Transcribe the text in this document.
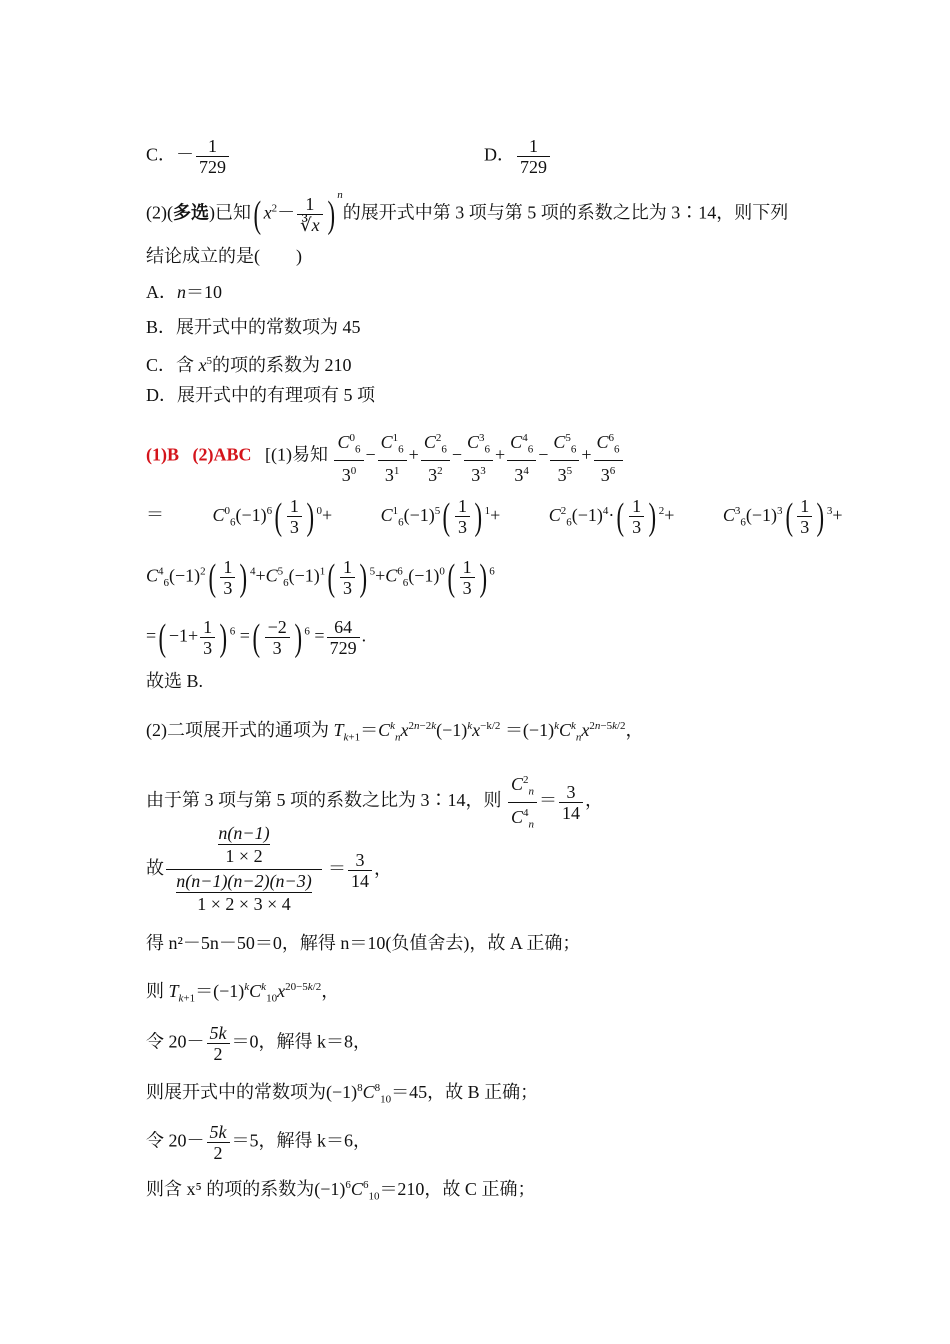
C．－ $\frac{1}{729}$	D． $\frac{1}{729}$
(2)(多选)已知( $x^2- \frac{1}{∛x}$ ) $^n$的展开式中第 3 项与第 5 项的系数之比为 3∶14，则下列
结论成立的是(　　)
A．n＝10
B．展开式中的常数项为 45
C．含 $x^5$的项的系数为 210
D．展开式中的有理项有 5 项
(1)B (2)ABC [(1)易知 $\frac{C^0_6}{3^0} - \frac{C^1_6}{3^1} + \frac{C^2_6}{3^2} - \frac{C^3_6}{3^3} + \frac{C^4_6}{3^4} - \frac{C^5_6}{3^5} + \frac{C^6_6}{3^6}$
＝	$C^0_6(-1)^6( \frac{1}{3}$ ) $^0$+	$C^1_6(-1)^5( \frac{1}{3}$ ) $^1$+	$C^2_6(-1)^4\cdot( \frac{1}{3}$ ) $^2$+	$C^3_6(-1)^3( \frac{1}{3}$ ) $^3$+
$C^4_6(-1)^2( \frac{1}{3}$ ) $^4+C^5_6(-1)^1( \frac{1}{3}$ ) $^5+C^6_6(-1)^0( \frac{1}{3}$ ) $^6$
=( $-1+ \frac{1}{3}$ ) $^6$ =( $\frac{-2}{3}$ ) $^6 = \frac{64}{729}$ .
故选 B.
(2)二项展开式的通项为 $T_{k+1}=C^k_nx^{2n-2k}(-1)^kx^{-k/2} =(-1)^kC^k_nx^{2n-5k/2}$，
由于第 3 项与第 5 项的系数之比为 3∶14，则 $\frac{C^2_n}{C^4_n} = \frac{3}{14}$ ，
故
n(n−1)
1 × 2
n(n−1)(n−2)(n−3)
1 × 2 × 3 × 4
＝ $\frac{3}{14}$ ，
得 n²－5n－50＝0，解得 n＝10(负值舍去)，故 A 正确；
则 $T_{k+1}=(-1)^kC^k_{10}x^{20-5k/2}$，
令 $20- \frac{5k}{2} =0$，解得 k＝8，
则展开式中的常数项为$(-1)^8C^8_{10}=45$，故 B 正确；
令 $20- \frac{5k}{2} =5$，解得 k＝6，
则含 x⁵ 的项的系数为$(-1)^6C^6_{10}=210$，故 C 正确；
